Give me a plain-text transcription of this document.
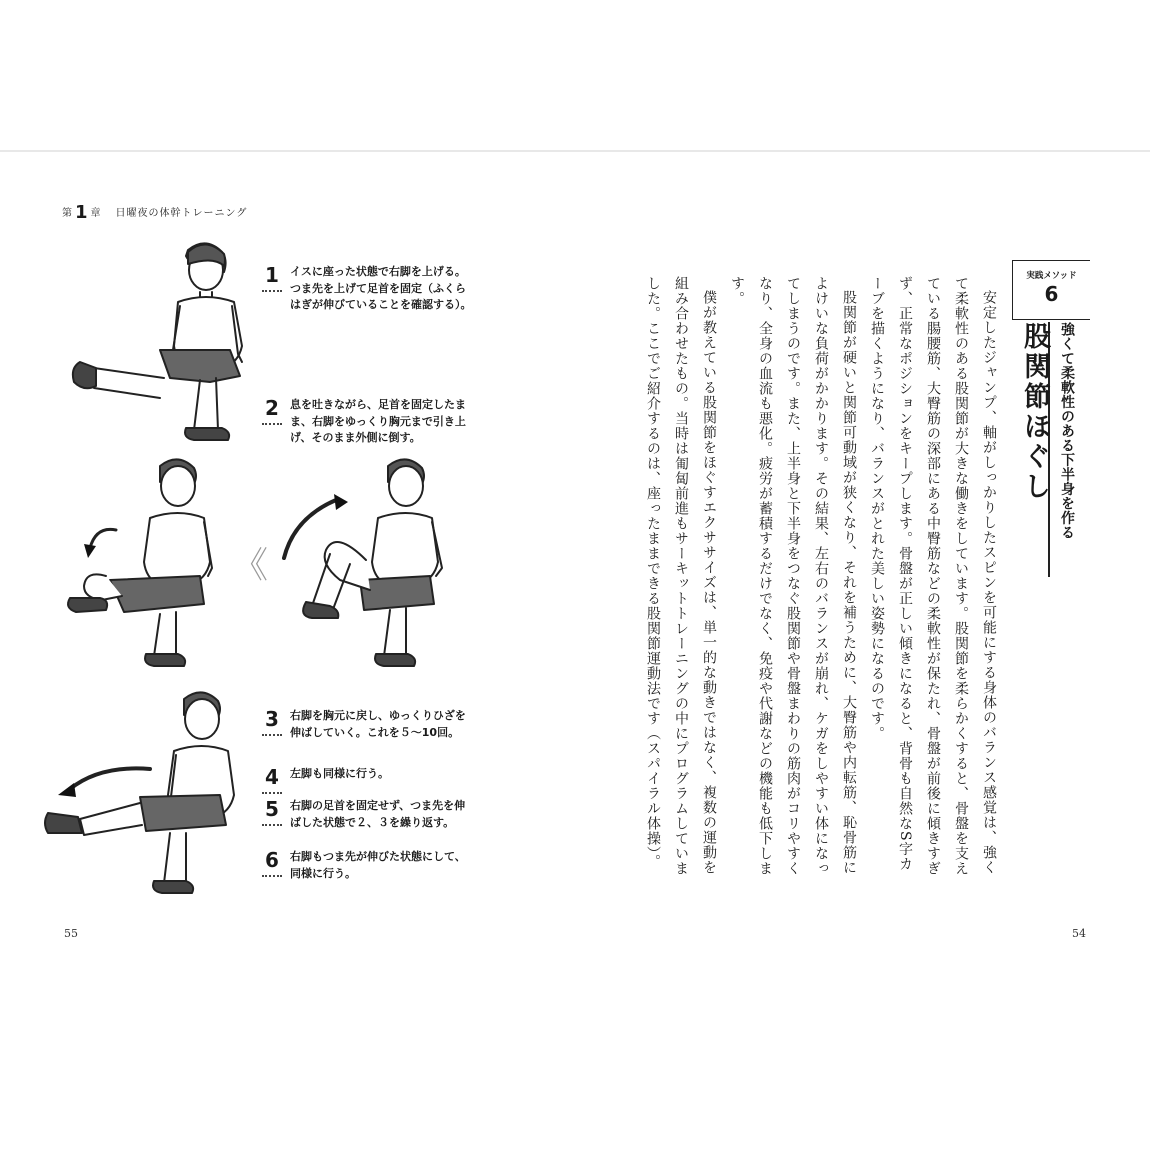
第 1 章 日曜夜の体幹トレーニング
《
1	イスに座った状態で右脚を上げる。
つま先を上げて足首を固定（ふくら
はぎが伸びていることを確認する）。
2	息を吐きながら、足首を固定したま
ま、右脚をゆっくり胸元まで引き上
げ、そのまま外側に倒す。
3	右脚を胸元に戻し、ゆっくりひざを
伸ばしていく。これを５～10回。
4	左脚も同様に行う。
5	右脚の足首を固定せず、つま先を伸
ばした状態で２、３を繰り返す。
6	右脚もつま先が伸びた状態にして、
同様に行う。
55
実践メソッド
6
強くて柔軟性のある下半身を作る
股関節ほぐし

安定したジャンプ、軸がしっかりしたスピンを可能にする身体のバランス感覚は、強くて柔軟性のある股関節が大きな働きをしています。股関節を柔らかくすると、骨盤を支えている腸腰筋、大臀筋の深部にある中臀筋などの柔軟性が保たれ、骨盤が前後に傾きすぎず、正常なポジションをキープします。骨盤が正しい傾きになると、背骨も自然なS字カーブを描くようになり、バランスがとれた美しい姿勢になるのです。

股関節が硬いと関節可動域が狭くなり、それを補うために、大臀筋や内転筋、恥骨筋によけいな負荷がかかります。その結果、左右のバランスが崩れ、ケガをしやすい体になってしまうのです。また、上半身と下半身をつなぐ股関節や骨盤まわりの筋肉がコリやすくなり、全身の血流も悪化。疲労が蓄積するだけでなく、免疫や代謝などの機能も低下します。

僕が教えている股関節をほぐすエクササイズは、単一的な動きではなく、複数の運動を組み合わせたもの。当時は匍匐前進もサーキットトレーニングの中にプログラムしていました。ここでご紹介するのは、座ったままできる股関節運動法です（スパイラル体操）。

54
